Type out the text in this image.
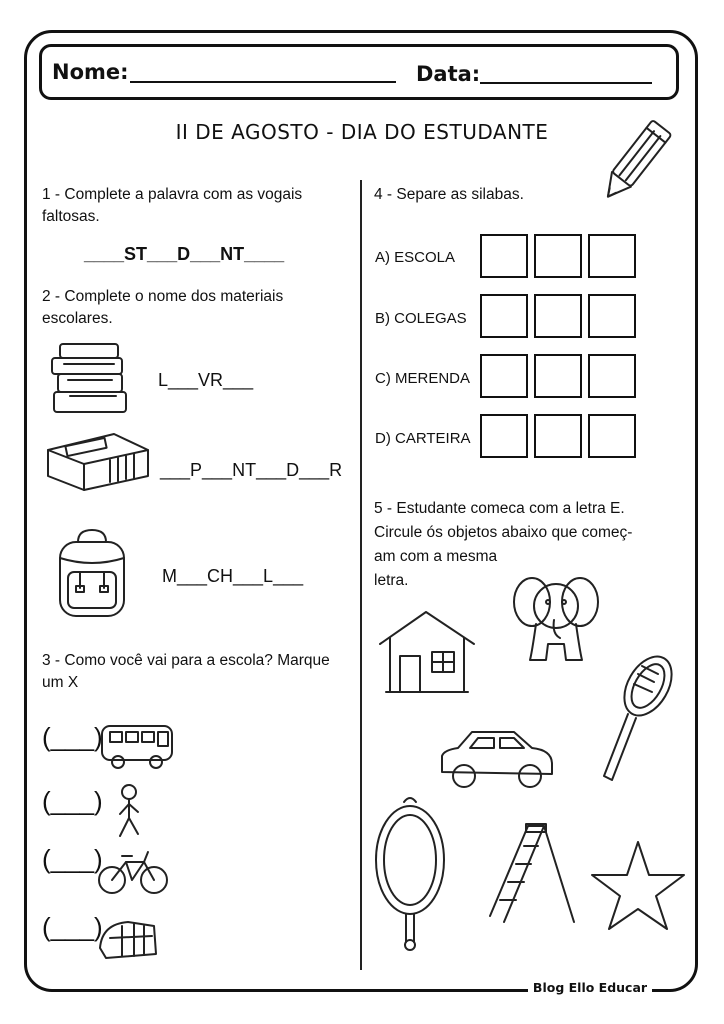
Nome:	Data:
II DE AGOSTO - DIA DO ESTUDANTE
1 - Complete a palavra com as vogais faltosas.
____ST___D___NT____
2 - Complete o nome dos materiais escolares.
L___VR___
___P___NT___D___R
M___CH___L___
3 - Como você vai para a escola? Marque um X
(___)
(___)
(___)
(___)
4 - Separe as silabas.
A) ESCOLA
B) COLEGAS
C) MERENDA
D) CARTEIRA
5 - Estudante comeca com a letra E.
Circule ós objetos abaixo que começ-
am com a mesma
letra.
Blog Ello Educar
